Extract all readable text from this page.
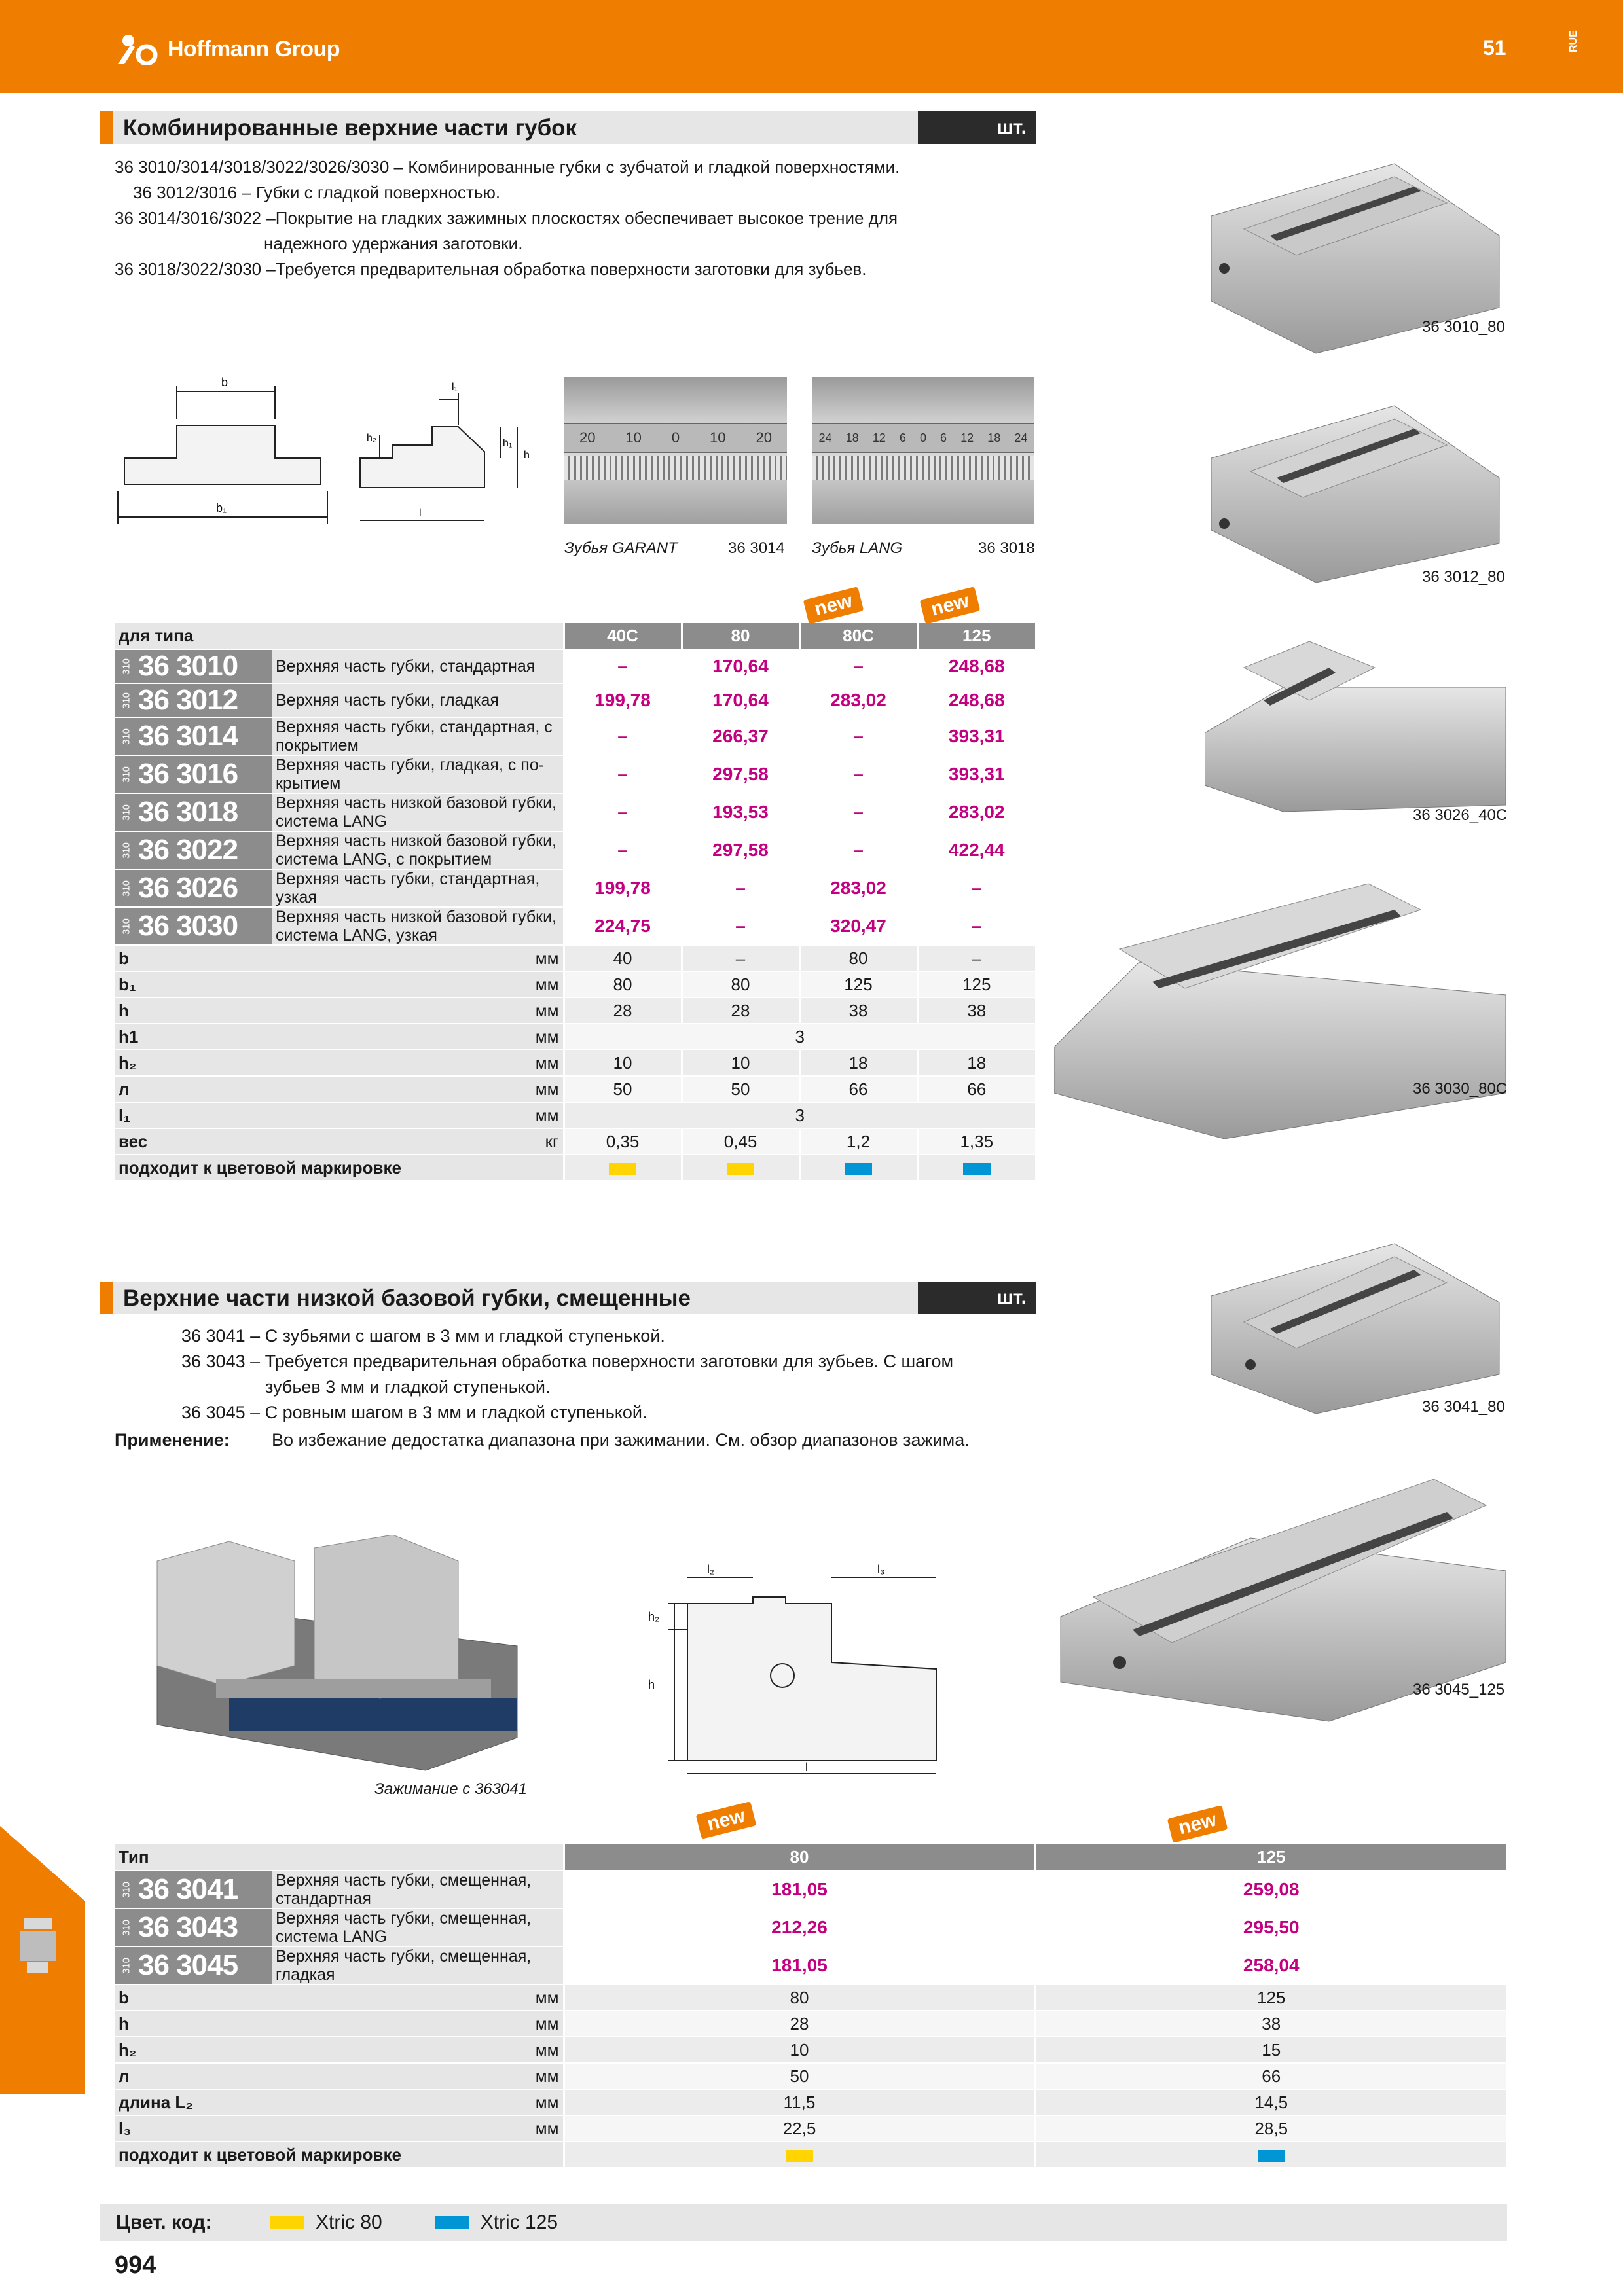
Hoffmann Group	51	RUE
Комбинированные верхние части губок	шт.
36 3010/3014/3018/3022/3026/3030 – Комбинированные губки с зубчатой и гладкой поверхностями.
36 3012/3016 – Губки с гладкой поверхностью.
36 3014/3016/3022 –Покрытие на гладких зажимных плоскостях обеспечивает высокое трение для
надежного удержания заготовки.
36 3018/3022/3030 –Требуется предварительная обработка поверхности заготовки для зубьев.
b
b₁
l₁
h₂	h₁
h
l
20 10 0 10 20
Зубья GARANT	36 3014
24 18 12 6 0 6 12 18 24
Зубья LANG	36 3018
new	new
для типа			40C	80	80C	125
310 36 3010	Верхняя часть губки, стандартная		–	170,64	–	248,68
310 36 3012	Верхняя часть губки, гладкая		199,78	170,64	283,02	248,68
310 36 3014	Верхняя часть губки, стандартная, с покрытием		–	266,37	–	393,31
310 36 3016	Верхняя часть губки, гладкая, с по-крытием		–	297,58	–	393,31
310 36 3018	Верхняя часть низкой базовой губки, система LANG		–	193,53	–	283,02
310 36 3022	Верхняя часть низкой базовой губки, система LANG, с покрытием		–	297,58	–	422,44
310 36 3026	Верхняя часть губки, стандартная, узкая		199,78	–	283,02	–
310 36 3030	Верхняя часть низкой базовой губки, система LANG, узкая		224,75	–	320,47	–
b		мм	40	–	80	–
b₁		мм	80	80	125	125
h		мм	28	28	38	38
h1		мм	3			
h₂		мм	10	10	18	18
л		мм	50	50	66	66
l₁		мм	3			
вес		кг	0,35	0,45	1,2	1,35
подходит к цветовой маркировке						
36 3010_80
36 3012_80
36 3026_40C
36 3030_80C
Верхние части низкой базовой губки, смещенные	шт.
36 3041 – С зубьями с шагом в 3 мм и гладкой ступенькой.
36 3043 – Требуется предварительная обработка поверхности заготовки для зубьев. С шагом
зубьев 3 мм и гладкой ступенькой.
36 3045 – С ровным шагом в 3 мм и гладкой ступенькой.
Применение: Во избежание дедостатка диапазона при зажимании. См. обзор диапазонов зажима.
Зажимание с 363041
l₂	l₃
h
h₂
l
36 3041_80
36 3045_125
new	new
Тип			80	125
310 36 3041	Верхняя часть губки, смещенная, стандартная		181,05	259,08
310 36 3043	Верхняя часть губки, смещенная, система LANG		212,26	295,50
310 36 3045	Верхняя часть губки, смещенная, гладкая		181,05	258,04
b		мм	80	125
h		мм	28	38
h₂		мм	10	15
л		мм	50	66
длина L₂		мм	11,5	14,5
l₃		мм	22,5	28,5
подходит к цветовой маркировке				
Цвет. код:	Xtric 80	Xtric 125
994
